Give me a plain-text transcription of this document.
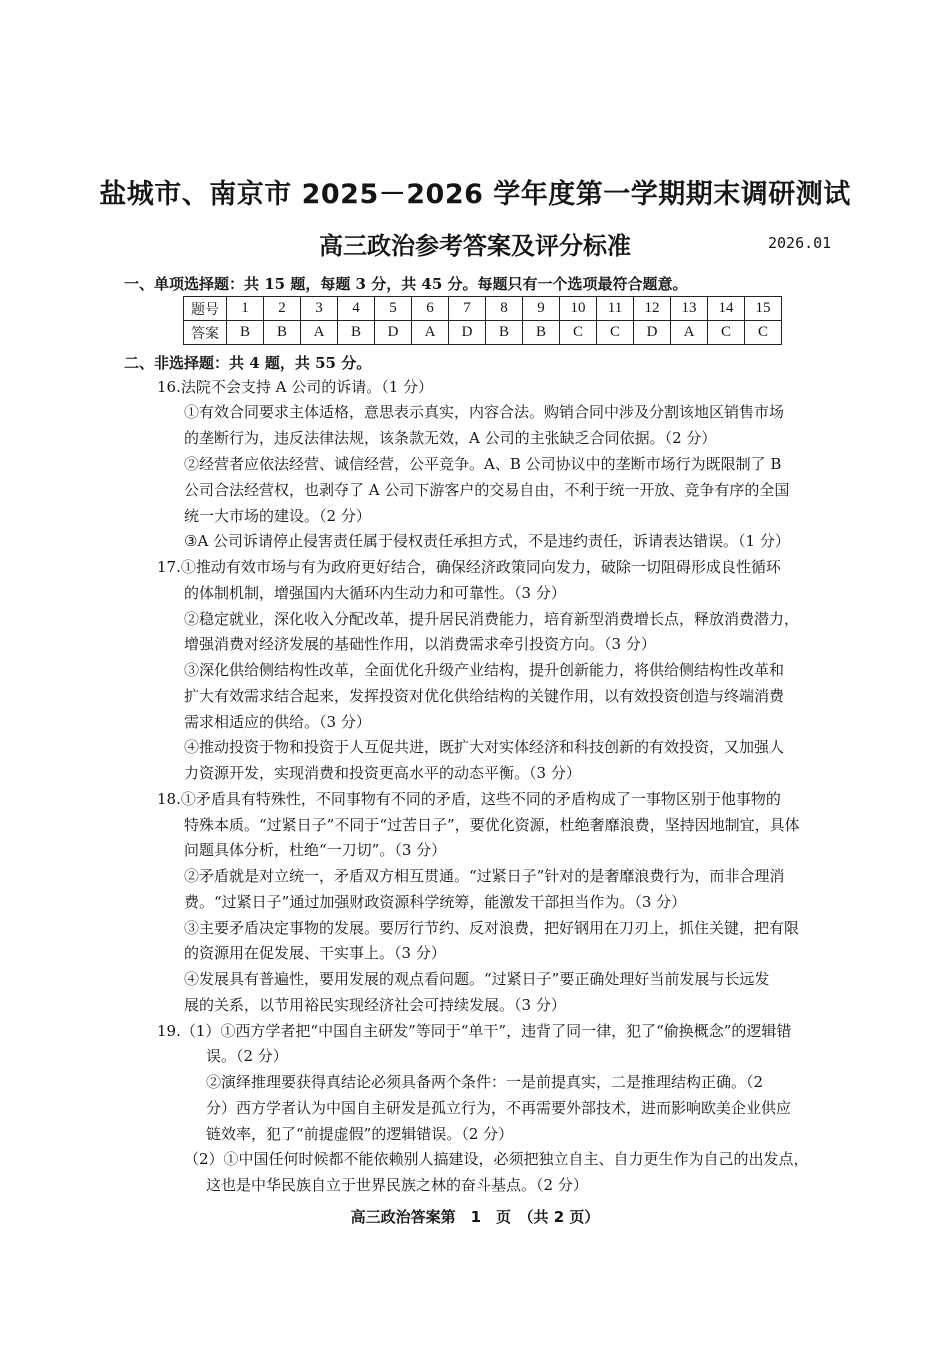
盐城市、南京市 2025－2026 学年度第一学期期末调研测试
高三政治参考答案及评分标准	2026.01
一、单项选择题：共 15 题，每题 3 分，共 45 分。每题只有一个选项最符合题意。
题号	1	2	3	4	5	6	7	8	9	10	11	12	13	14	15
答案	B	B	A	B	D	A	D	B	B	C	C	D	A	C	C
二、非选择题：共 4 题，共 55 分。
16.法院不会支持 A 公司的诉请。（1 分）
①有效合同要求主体适格，意思表示真实，内容合法。购销合同中涉及分割该地区销售市场
的垄断行为，违反法律法规，该条款无效，A 公司的主张缺乏合同依据。（2 分）
②经营者应依法经营、诚信经营，公平竞争。A、B 公司协议中的垄断市场行为既限制了 B
公司合法经营权，也剥夺了 A 公司下游客户的交易自由，不利于统一开放、竞争有序的全国
统一大市场的建设。（2 分）
③A 公司诉请停止侵害责任属于侵权责任承担方式，不是违约责任，诉请表达错误。（1 分）
17.①推动有效市场与有为政府更好结合，确保经济政策同向发力，破除一切阻碍形成良性循环
的体制机制，增强国内大循环内生动力和可靠性。（3 分）
②稳定就业，深化收入分配改革，提升居民消费能力，培育新型消费增长点，释放消费潜力，
增强消费对经济发展的基础性作用，以消费需求牵引投资方向。（3 分）
③深化供给侧结构性改革，全面优化升级产业结构，提升创新能力，将供给侧结构性改革和
扩大有效需求结合起来，发挥投资对优化供给结构的关键作用，以有效投资创造与终端消费
需求相适应的供给。（3 分）
④推动投资于物和投资于人互促共进，既扩大对实体经济和科技创新的有效投资，又加强人
力资源开发，实现消费和投资更高水平的动态平衡。（3 分）
18.①矛盾具有特殊性，不同事物有不同的矛盾，这些不同的矛盾构成了一事物区别于他事物的
特殊本质。“过紧日子”不同于“过苦日子”，要优化资源，杜绝奢靡浪费，坚持因地制宜，具体
问题具体分析，杜绝“一刀切”。（3 分）
②矛盾就是对立统一，矛盾双方相互贯通。“过紧日子”针对的是奢靡浪费行为，而非合理消
费。“过紧日子”通过加强财政资源科学统筹，能激发干部担当作为。（3 分）
③主要矛盾决定事物的发展。要厉行节约、反对浪费，把好钢用在刀刃上，抓住关键，把有限
的资源用在促发展、干实事上。（3 分）
④发展具有普遍性，要用发展的观点看问题。“过紧日子”要正确处理好当前发展与长远发
展的关系，以节用裕民实现经济社会可持续发展。（3 分）
19.（1）①西方学者把“中国自主研发”等同于“单干”，违背了同一律，犯了“偷换概念”的逻辑错
误。（2 分）
②演绎推理要获得真结论必须具备两个条件：一是前提真实，二是推理结构正确。（2
分）西方学者认为中国自主研发是孤立行为，不再需要外部技术，进而影响欧美企业供应
链效率，犯了“前提虚假”的逻辑错误。（2 分）
（2）①中国任何时候都不能依赖别人搞建设，必须把独立自主、自力更生作为自己的出发点，
这也是中华民族自立于世界民族之林的奋斗基点。（2 分）
高三政治答案第　1　页　（共 2 页）
